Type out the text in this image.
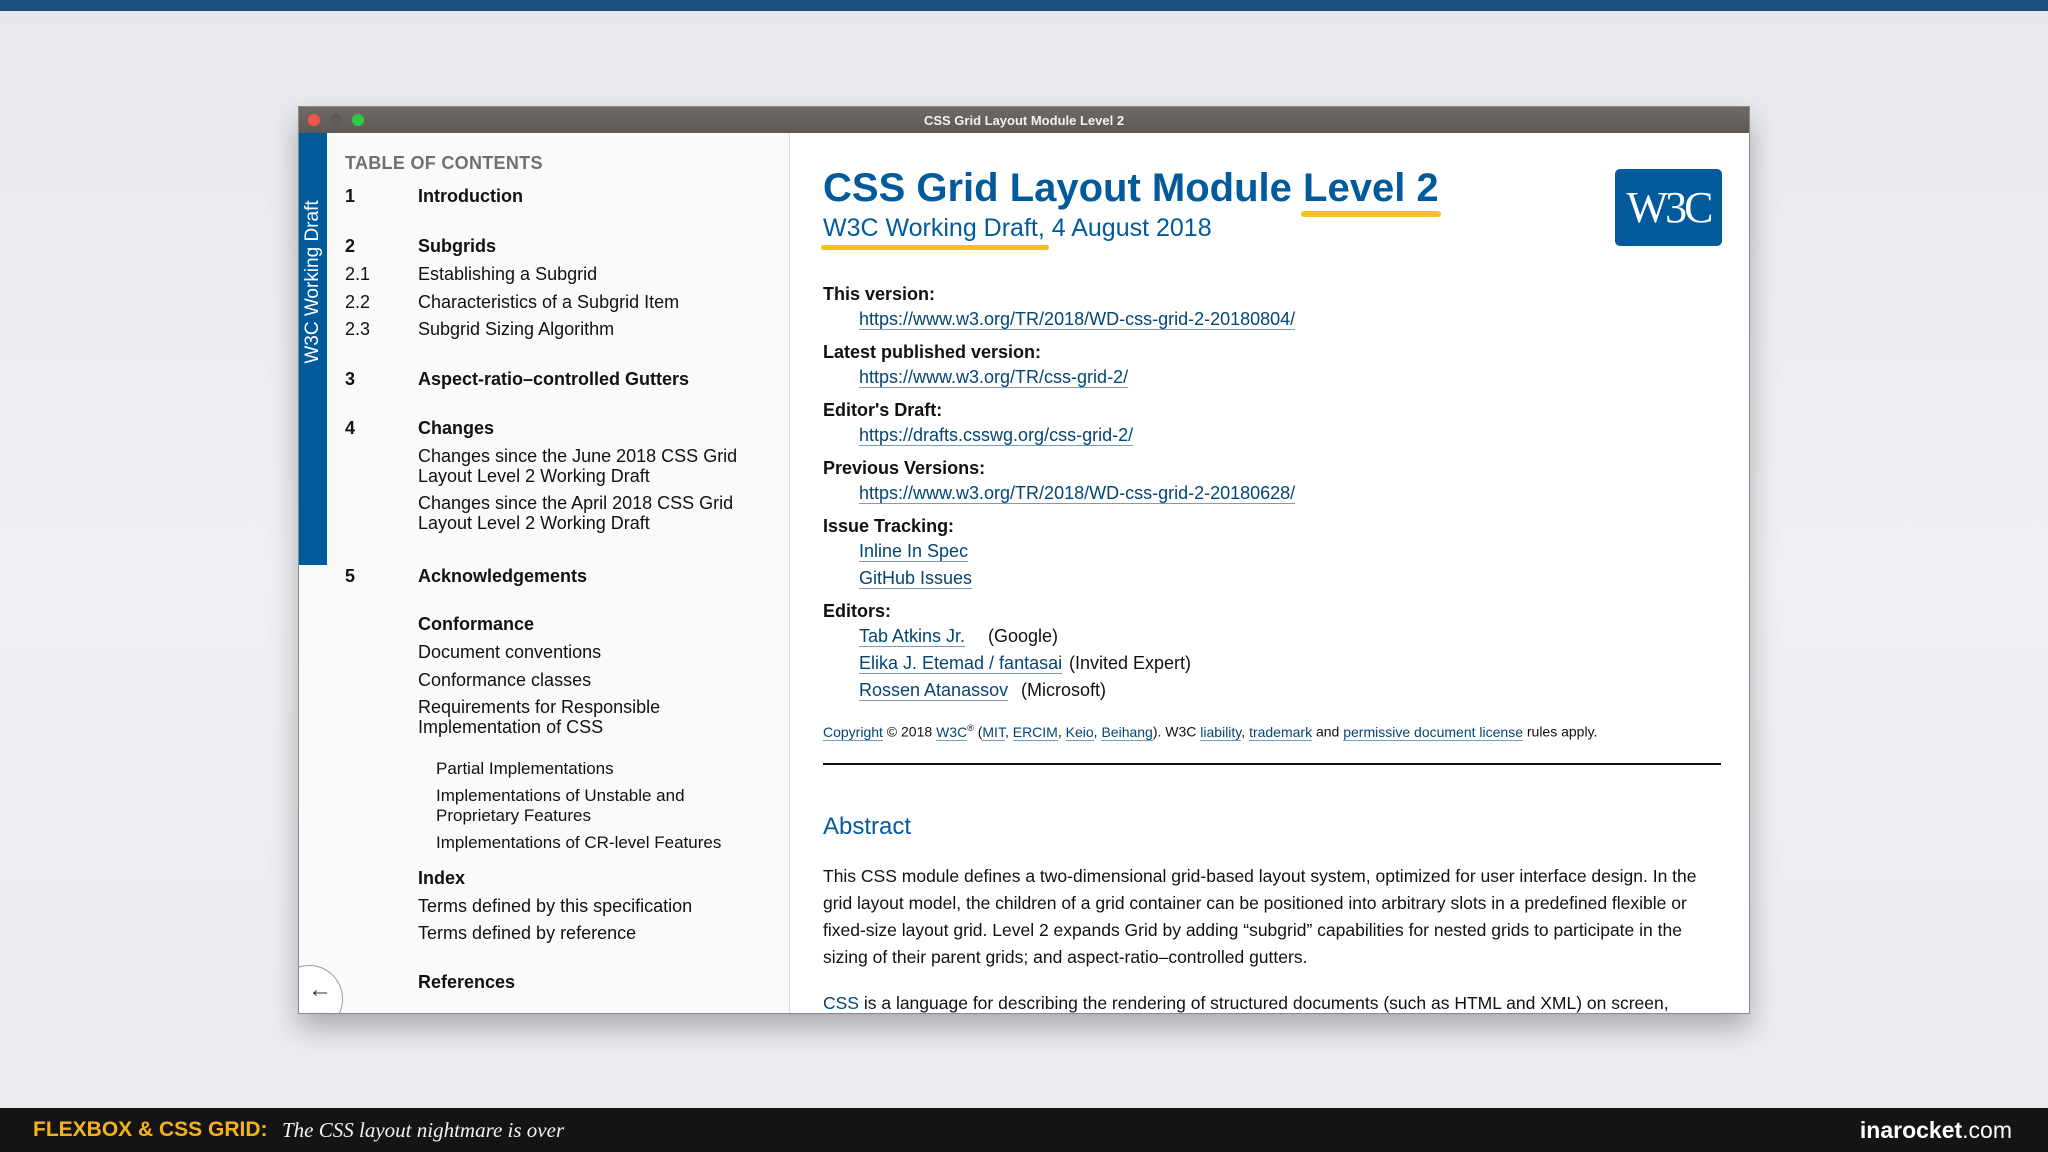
CSS Grid Layout Module Level 2
W3C Working Draft
TABLE OF CONTENTS
1	Introduction
2	Subgrids
2.1	Establishing a Subgrid
2.2	Characteristics of a Subgrid Item
2.3	Subgrid Sizing Algorithm
3	Aspect-ratio–controlled Gutters
4	Changes
Changes since the June 2018 CSS Grid Layout Level 2 Working Draft
Changes since the April 2018 CSS Grid Layout Level 2 Working Draft
5	Acknowledgements
Conformance
Document conventions
Conformance classes
Requirements for Responsible Implementation of CSS
Partial Implementations
Implementations of Unstable and Proprietary Features
Implementations of CR-level Features
Index
Terms defined by this specification
Terms defined by reference
References
←
CSS Grid Layout Module Level 2
W3C Working Draft, 4 August 2018	W3C
This version:
https://www.w3.org/TR/2018/WD-css-grid-2-20180804/
Latest published version:
https://www.w3.org/TR/css-grid-2/
Editor's Draft:
https://drafts.csswg.org/css-grid-2/
Previous Versions:
https://www.w3.org/TR/2018/WD-css-grid-2-20180628/
Issue Tracking:
Inline In Spec
GitHub Issues
Editors:
Tab Atkins Jr. (Google)
Elika J. Etemad / fantasai (Invited Expert)
Rossen Atanassov (Microsoft)
Copyright © 2018 W3C® (MIT, ERCIM, Keio, Beihang). W3C liability, trademark and permissive document license rules apply.
Abstract

This CSS module defines a two-dimensional grid-based layout system, optimized for user interface design. In the grid layout model, the children of a grid container can be positioned into arbitrary slots in a predefined flexible or fixed-size layout grid. Level 2 expands Grid by adding “subgrid” capabilities for nested grids to participate in the sizing of their parent grids; and aspect-ratio–controlled gutters.

CSS is a language for describing the rendering of structured documents (such as HTML and XML) on screen,
FLEXBOX & CSS GRID: The CSS layout nightmare is over	inarocket.com
